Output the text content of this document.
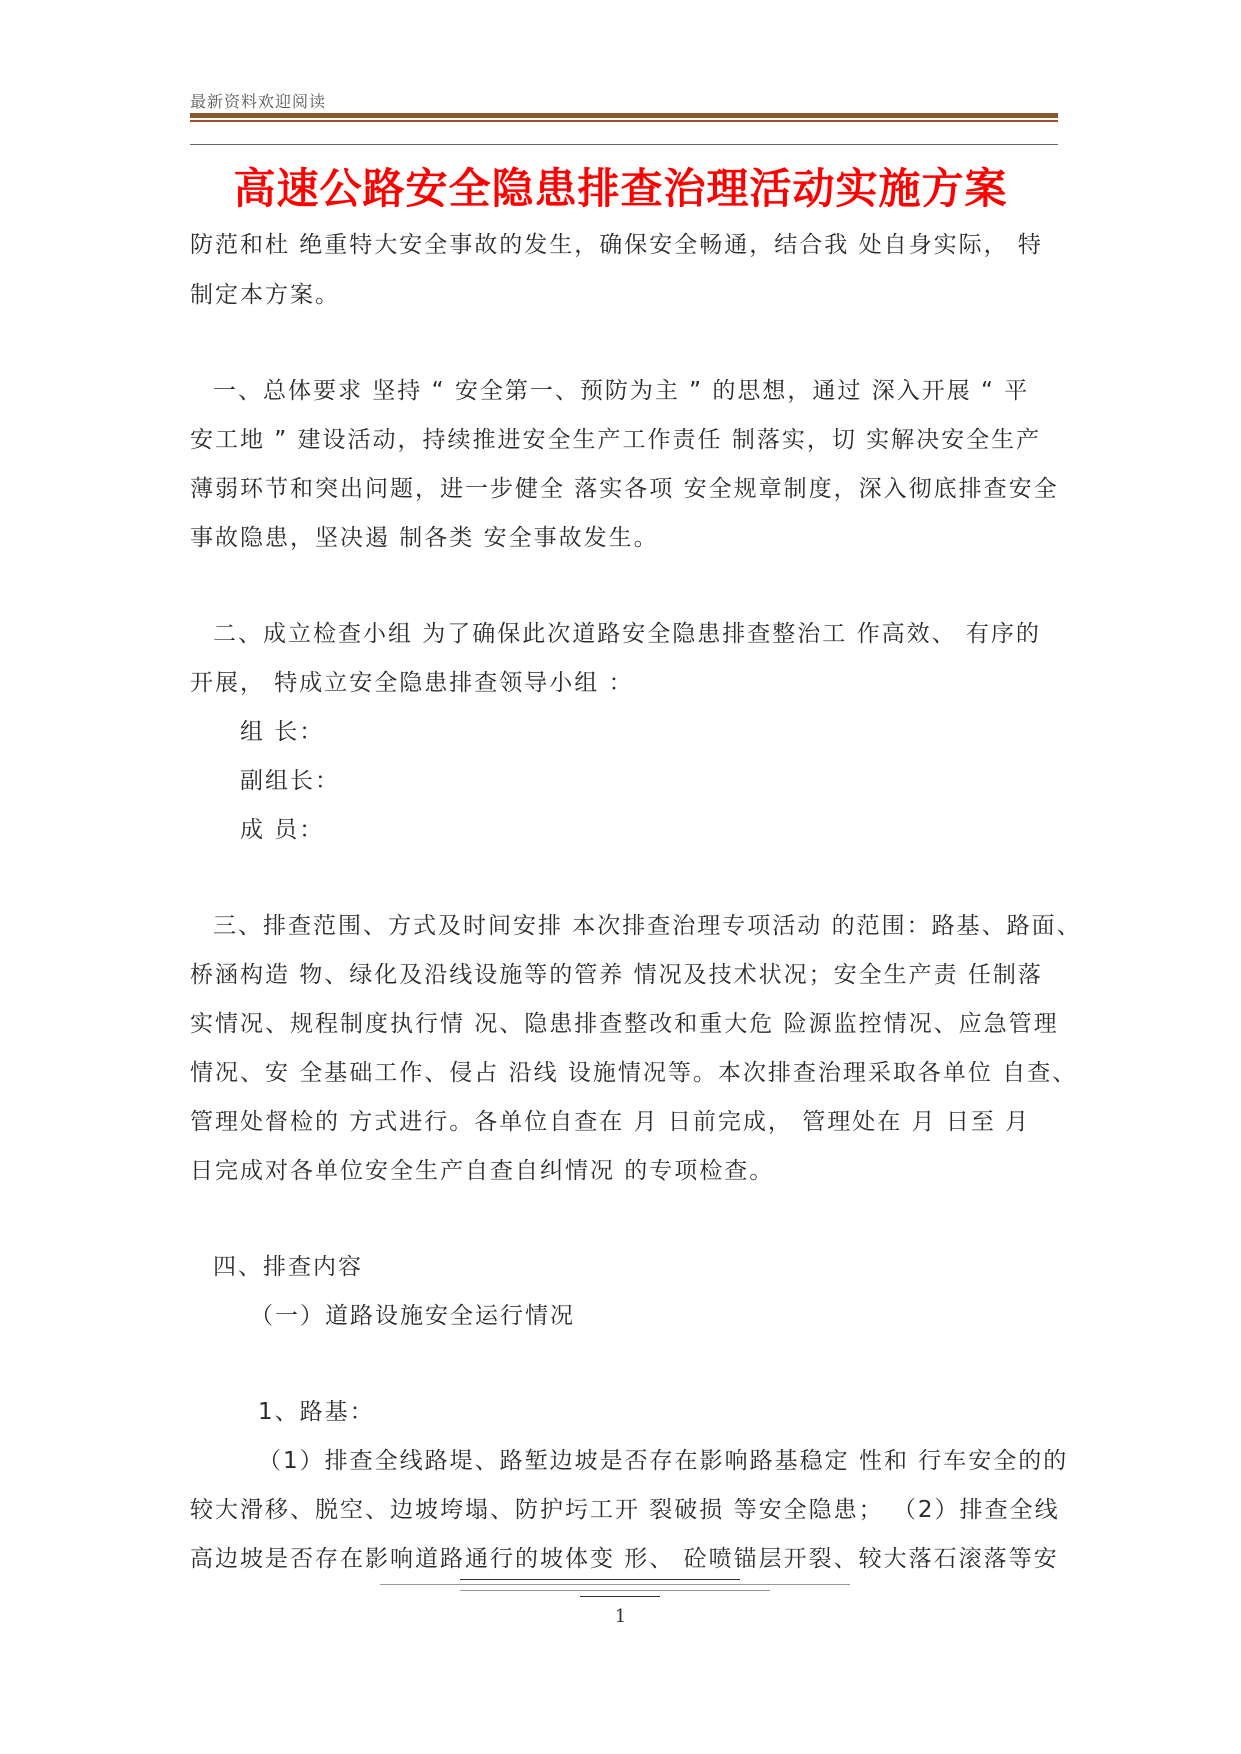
最新资料欢迎阅读
高速公路安全隐患排查治理活动实施方案
防范和杜 绝重特大安全事故的发生，确保安全畅通，结合我 处自身实际， 特
制定本方案。
一、总体要求 坚持 “ 安全第一、预防为主 ” 的思想，通过 深入开展 “ 平
安工地 ” 建设活动，持续推进安全生产工作责任 制落实，切 实解决安全生产
薄弱环节和突出问题，进一步健全 落实各项 安全规章制度，深入彻底排查安全
事故隐患，坚决遏 制各类 安全事故发生。
二、成立检查小组 为了确保此次道路安全隐患排查整治工 作高效、 有序的
开展， 特成立安全隐患排查领导小组 ：
组 长：
副组长：
成 员：
三、排查范围、方式及时间安排 本次排查治理专项活动 的范围：路基、路面、
桥涵构造 物、绿化及沿线设施等的管养 情况及技术状况；安全生产责 任制落
实情况、规程制度执行情 况、隐患排查整改和重大危 险源监控情况、应急管理
情况、安 全基础工作、侵占 沿线 设施情况等。本次排查治理采取各单位 自查、
管理处督检的 方式进行。各单位自查在 月 日前完成， 管理处在 月 日至 月
日完成对各单位安全生产自查自纠情况 的专项检查。
四、排查内容
（一）道路设施安全运行情况
1、路基：
（1）排查全线路堤、路堑边坡是否存在影响路基稳定 性和 行车安全的的
较大滑移、脱空、边坡垮塌、防护圬工开 裂破损 等安全隐患； （2）排查全线
高边坡是否存在影响道路通行的坡体变 形、 砼喷锚层开裂、较大落石滚落等安
1
